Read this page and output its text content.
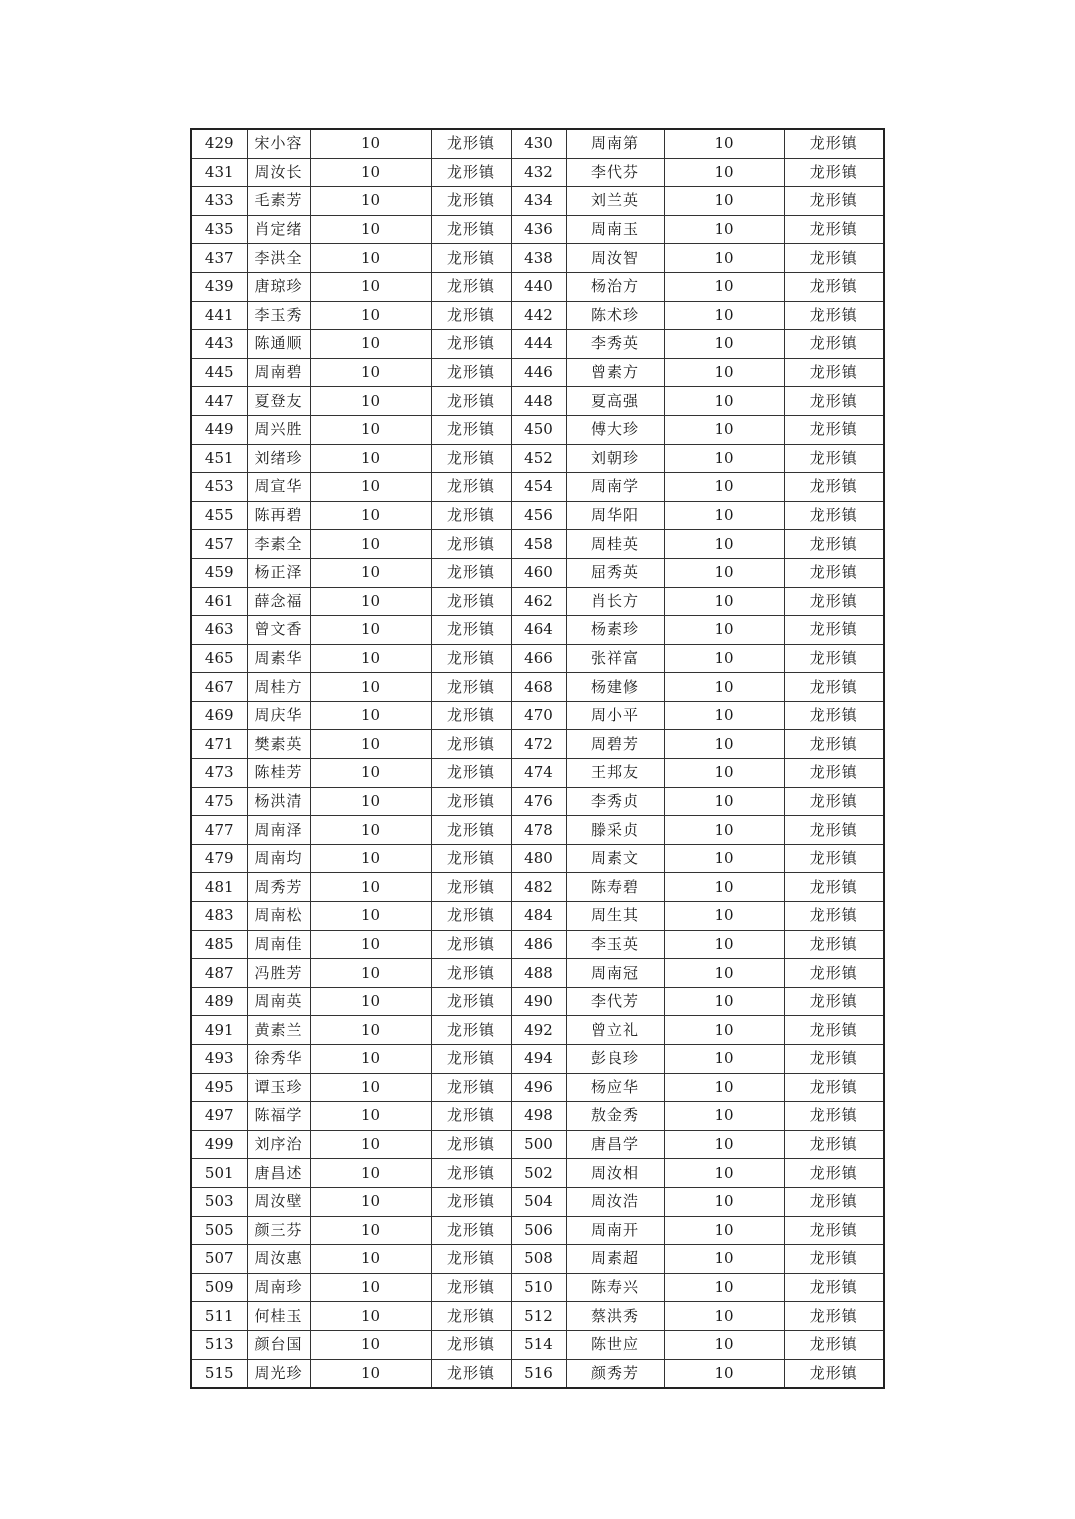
429	宋小容	10	龙形镇	430	周南第	10	龙形镇
431	周汝长	10	龙形镇	432	李代芬	10	龙形镇
433	毛素芳	10	龙形镇	434	刘兰英	10	龙形镇
435	肖定绪	10	龙形镇	436	周南玉	10	龙形镇
437	李洪全	10	龙形镇	438	周汝智	10	龙形镇
439	唐琼珍	10	龙形镇	440	杨治方	10	龙形镇
441	李玉秀	10	龙形镇	442	陈术珍	10	龙形镇
443	陈通顺	10	龙形镇	444	李秀英	10	龙形镇
445	周南碧	10	龙形镇	446	曾素方	10	龙形镇
447	夏登友	10	龙形镇	448	夏高强	10	龙形镇
449	周兴胜	10	龙形镇	450	傅大珍	10	龙形镇
451	刘绪珍	10	龙形镇	452	刘朝珍	10	龙形镇
453	周宣华	10	龙形镇	454	周南学	10	龙形镇
455	陈再碧	10	龙形镇	456	周华阳	10	龙形镇
457	李素全	10	龙形镇	458	周桂英	10	龙形镇
459	杨正泽	10	龙形镇	460	屈秀英	10	龙形镇
461	薛念福	10	龙形镇	462	肖长方	10	龙形镇
463	曾文香	10	龙形镇	464	杨素珍	10	龙形镇
465	周素华	10	龙形镇	466	张祥富	10	龙形镇
467	周桂方	10	龙形镇	468	杨建修	10	龙形镇
469	周庆华	10	龙形镇	470	周小平	10	龙形镇
471	樊素英	10	龙形镇	472	周碧芳	10	龙形镇
473	陈桂芳	10	龙形镇	474	王邦友	10	龙形镇
475	杨洪清	10	龙形镇	476	李秀贞	10	龙形镇
477	周南泽	10	龙形镇	478	滕采贞	10	龙形镇
479	周南均	10	龙形镇	480	周素文	10	龙形镇
481	周秀芳	10	龙形镇	482	陈寿碧	10	龙形镇
483	周南松	10	龙形镇	484	周生其	10	龙形镇
485	周南佳	10	龙形镇	486	李玉英	10	龙形镇
487	冯胜芳	10	龙形镇	488	周南冠	10	龙形镇
489	周南英	10	龙形镇	490	李代芳	10	龙形镇
491	黄素兰	10	龙形镇	492	曾立礼	10	龙形镇
493	徐秀华	10	龙形镇	494	彭良珍	10	龙形镇
495	谭玉珍	10	龙形镇	496	杨应华	10	龙形镇
497	陈福学	10	龙形镇	498	敖金秀	10	龙形镇
499	刘序治	10	龙形镇	500	唐昌学	10	龙形镇
501	唐昌述	10	龙形镇	502	周汝相	10	龙形镇
503	周汝壁	10	龙形镇	504	周汝浩	10	龙形镇
505	颜三芬	10	龙形镇	506	周南开	10	龙形镇
507	周汝惠	10	龙形镇	508	周素超	10	龙形镇
509	周南珍	10	龙形镇	510	陈寿兴	10	龙形镇
511	何桂玉	10	龙形镇	512	蔡洪秀	10	龙形镇
513	颜台国	10	龙形镇	514	陈世应	10	龙形镇
515	周光珍	10	龙形镇	516	颜秀芳	10	龙形镇
